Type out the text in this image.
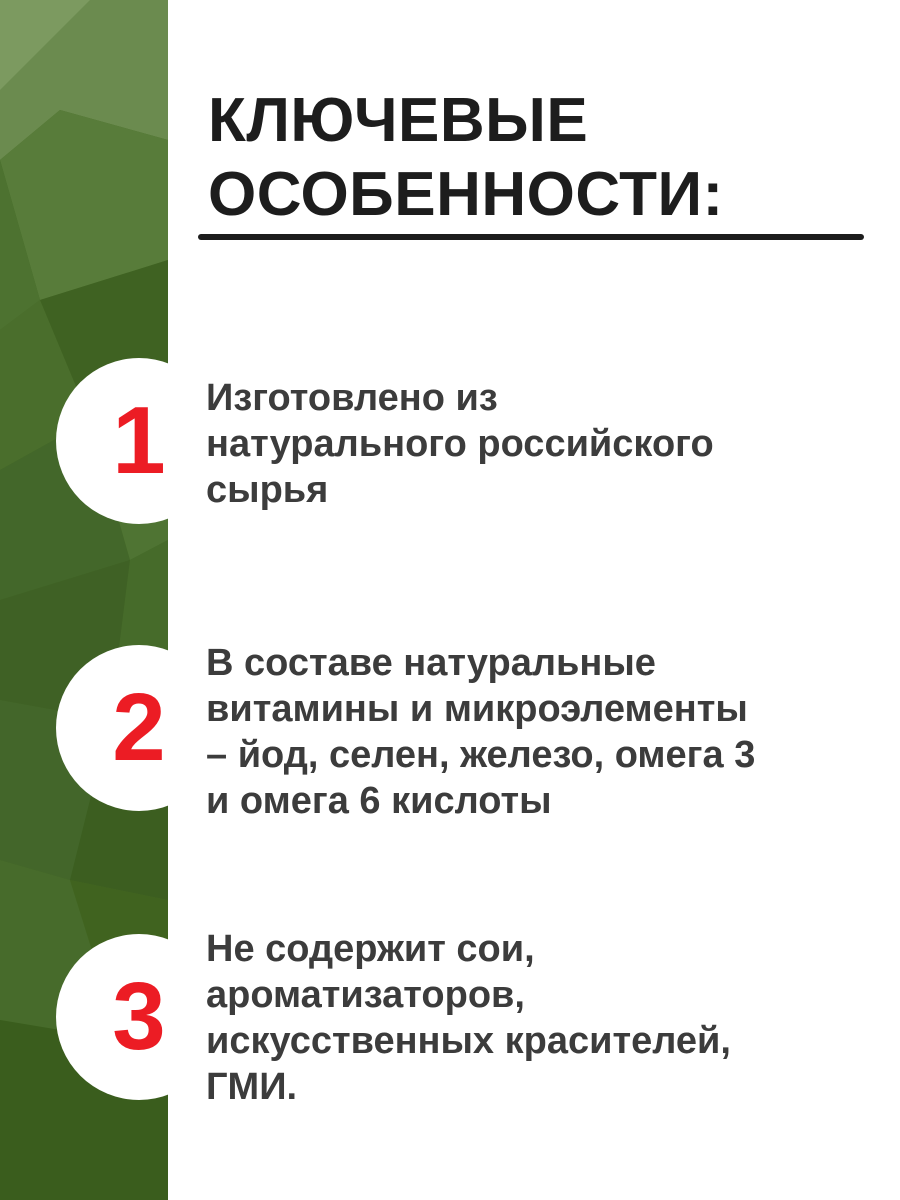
КЛЮЧЕВЫЕ
ОСОБЕННОСТИ:
1	Изготовлено из
натурального российского
сырья

2

В составе натуральные
витамины и микроэлементы
– йод, селен, железо, омега 3
и омега 6 кислоты

3

Не содержит сои,
ароматизаторов,
искусственных красителей,
ГМИ.
